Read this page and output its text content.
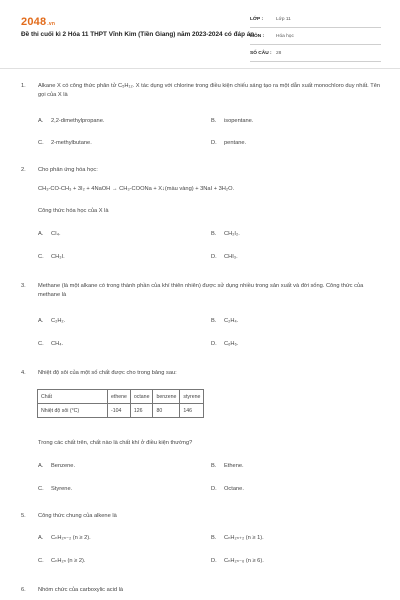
2048.vn
Đề thi cuối kì 2 Hóa 11 THPT Vĩnh Kim (Tiền Giang) năm 2023-2024 có đáp án
LỚP :	Lớp 11
MÔN : Hóa học
SỐ CÂU : 28
1. Alkane X có công thức phân tử C₅H₁₂. X tác dụng với chlorine trong điều kiện chiếu sáng tạo ra một dẫn xuất monochloro duy nhất. Tên gọi của X là
A. 2,2-dimethylpropane.	B. isopentane.
C. 2-methylbutane.	D. pentane.
2. Cho phản ứng hóa học:
CH₃-CO-CH₃ + 3I₂ + 4NaOH → CH₃-COONa + X↓(màu vàng) + 3NaI + 3H₂O.
Công thức hóa học của X là
A. CI₄.	B. CH₂I₂.
C. CH₃I.	D. CHI₃.
3. Methane (là một alkane có trong thành phần của khí thiên nhiên) được sử dụng nhiều trong sản xuất và đời sống. Công thức của methane là
A. C₂H₂.	B. C₂H₄.
C. CH₄.	D. C₆H₆.
4. Nhiệt độ sôi của một số chất được cho trong bảng sau:
Chất	ethene	octane	benzene	styrene
Nhiệt độ sôi (°C)	-104	126	80	146
Trong các chất trên, chất nào là chất khí ở điều kiện thường?
A. Benzene.	B. Ethene.
C. Styrene.	D. Octane.
5. Công thức chung của alkene là
A. CₙH₂ₙ₋₂ (n ≥ 2).	B. CₙH₂ₙ₊₂ (n ≥ 1).
C. CₙH₂ₙ (n ≥ 2).	D. CₙH₂ₙ₋₆ (n ≥ 6).
6. Nhóm chức của carboxylic acid là
